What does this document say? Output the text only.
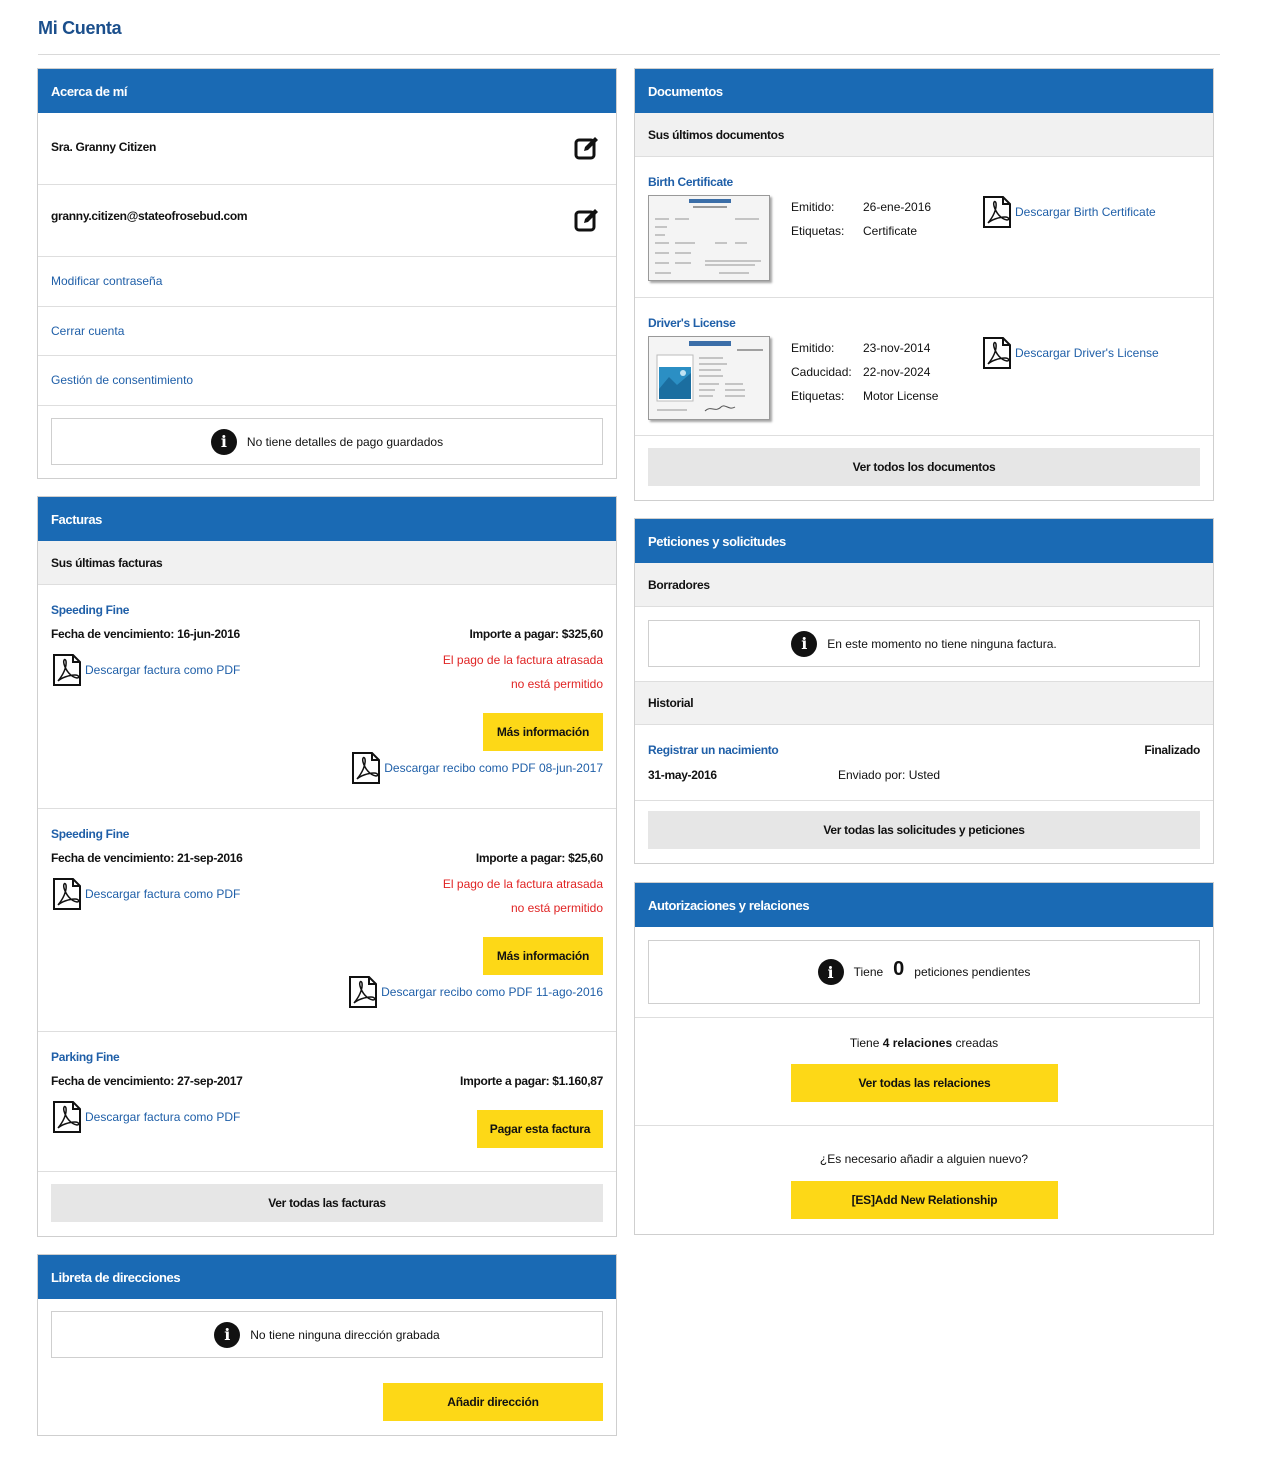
Mi Cuenta
Acerca de mí
Sra. Granny Citizen
granny.citizen@stateofrosebud.com
Modificar contraseña
Cerrar cuenta
Gestión de consentimiento
i	No tiene detalles de pago guardados
Facturas
Sus últimas facturas
Speeding Fine
Fecha de vencimiento: 16-jun-2016	Importe a pagar: $325,60
Descargar factura como PDF
El pago de la factura atrasada
no está permitido
Más información
Descargar recibo como PDF 08-jun-2017
Speeding Fine
Fecha de vencimiento: 21-sep-2016	Importe a pagar: $25,60
Descargar factura como PDF
El pago de la factura atrasada
no está permitido
Más información
Descargar recibo como PDF 11-ago-2016
Parking Fine
Fecha de vencimiento: 27-sep-2017	Importe a pagar: $1.160,87
Descargar factura como PDF
Pagar esta factura
Ver todas las facturas
Libreta de direcciones
i	No tiene ninguna dirección grabada
Añadir dirección
Documentos
Sus últimos documentos
Birth Certificate
Emitido: 26-ene-2016
Etiquetas: Certificate
Descargar Birth Certificate
Driver's License
Emitido: 23-nov-2014
Caducidad: 22-nov-2024
Etiquetas: Motor License
Descargar Driver's License
Ver todos los documentos
Peticiones y solicitudes
Borradores
i	En este momento no tiene ninguna factura.
Historial
Registrar un nacimiento	Finalizado
31-may-2016	Enviado por: Usted
Ver todas las solicitudes y peticiones
Autorizaciones y relaciones
i	Tiene 0 peticiones pendientes
Tiene 4 relaciones creadas
Ver todas las relaciones
¿Es necesario añadir a alguien nuevo?
[ES]Add New Relationship
